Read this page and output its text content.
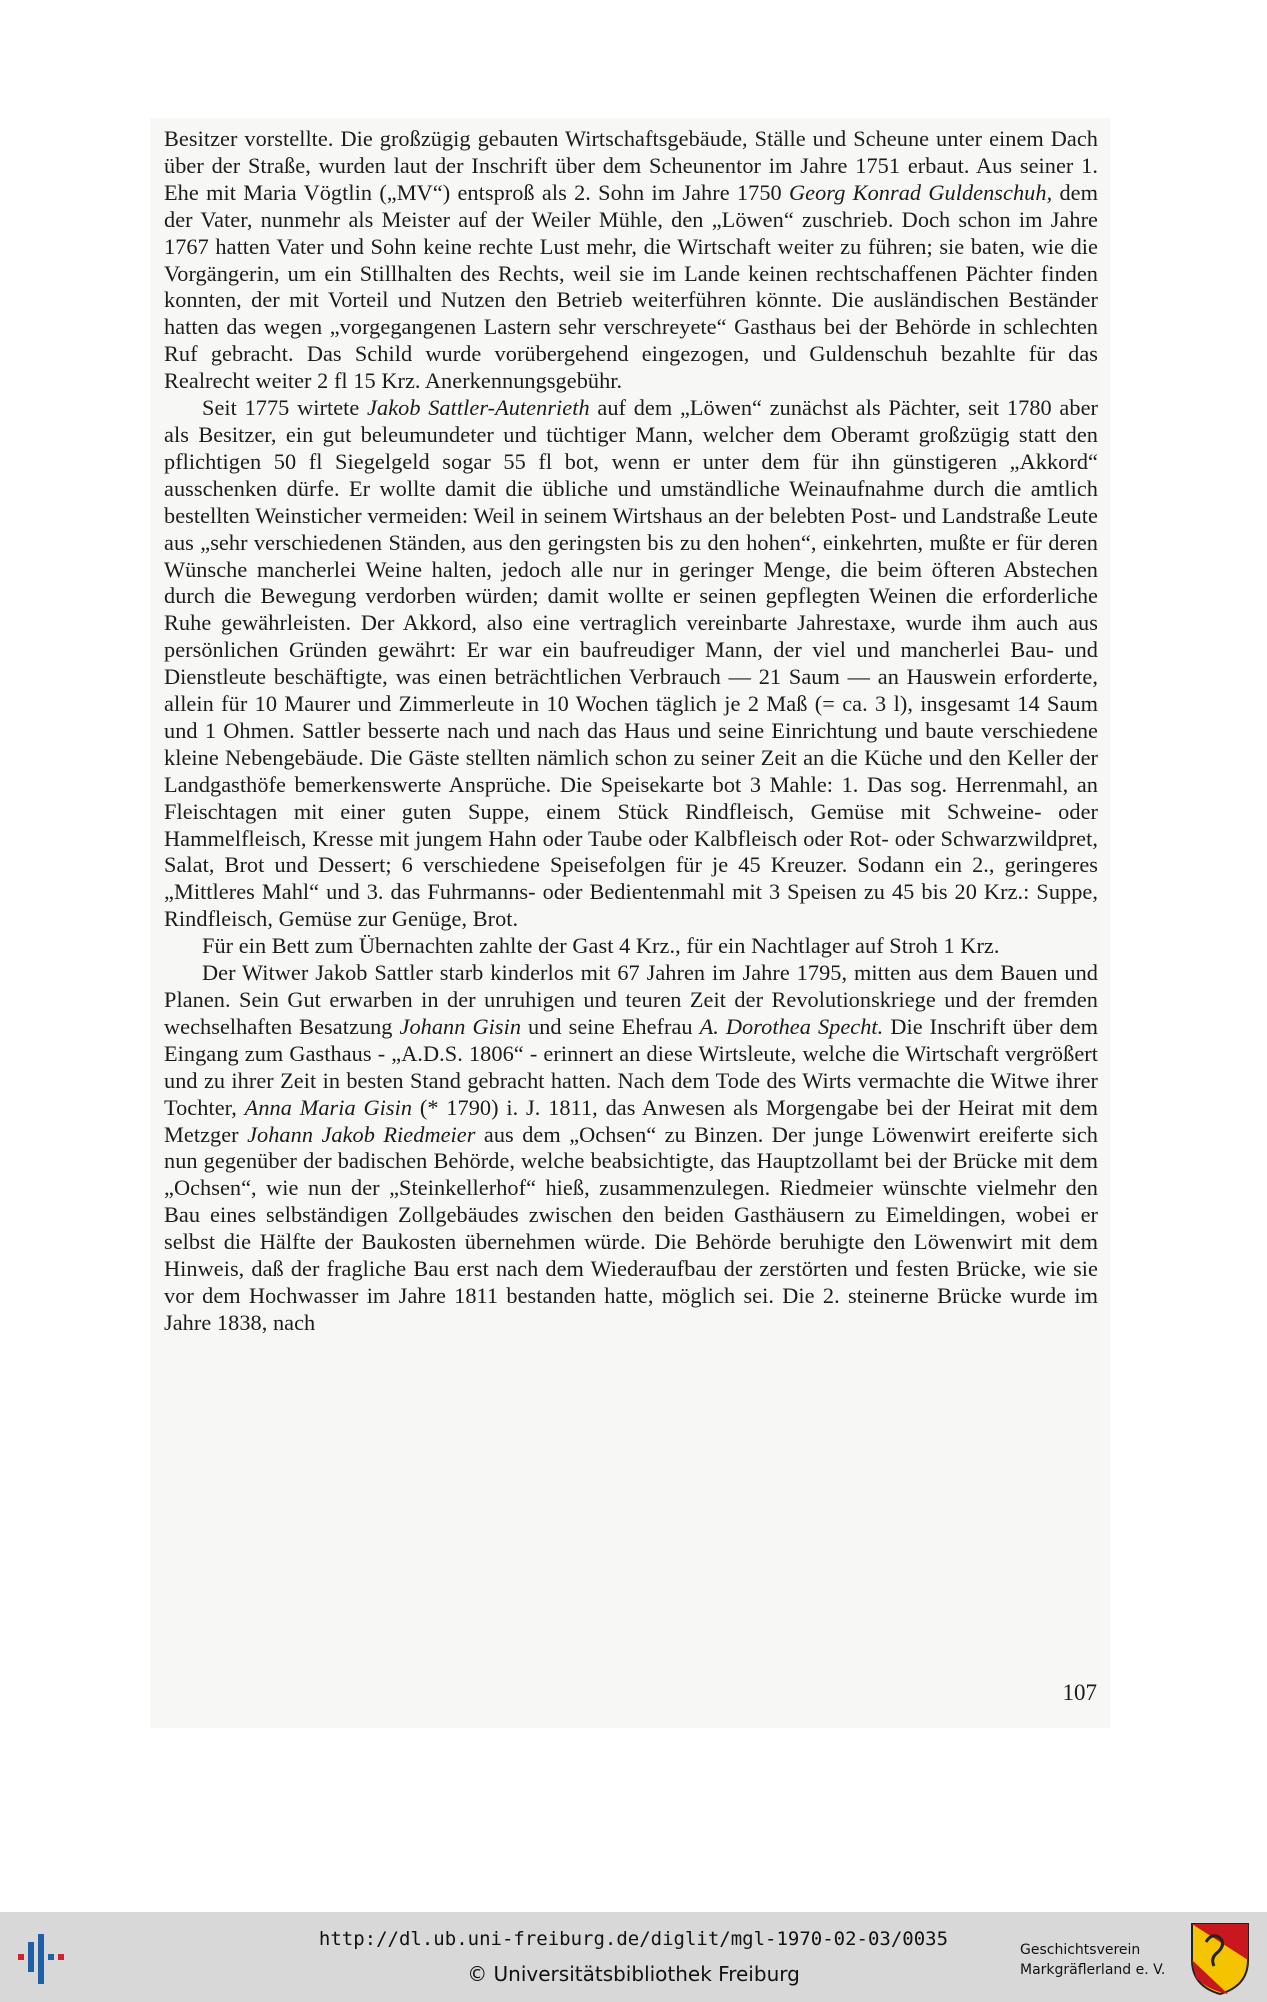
Besitzer vorstellte. Die großzügig gebauten Wirtschaftsgebäude, Ställe und Scheune unter einem Dach über der Straße, wurden laut der Inschrift über dem Scheunentor im Jahre 1751 erbaut. Aus seiner 1. Ehe mit Maria Vögtlin („MV“) entsproß als 2. Sohn im Jahre 1750 Georg Konrad Guldenschuh, dem der Vater, nunmehr als Meister auf der Weiler Mühle, den „Löwen“ zuschrieb. Doch schon im Jahre 1767 hatten Vater und Sohn keine rechte Lust mehr, die Wirtschaft weiter zu führen; sie baten, wie die Vorgängerin, um ein Stillhalten des Rechts, weil sie im Lande keinen rechtschaffenen Pächter finden konnten, der mit Vorteil und Nutzen den Betrieb weiterführen könnte. Die ausländischen Beständer hatten das wegen „vorgegangenen Lastern sehr verschreyete“ Gasthaus bei der Behörde in schlechten Ruf gebracht. Das Schild wurde vorübergehend eingezogen, und Guldenschuh bezahlte für das Realrecht weiter 2 fl 15 Krz. Anerkennungsgebühr.

Seit 1775 wirtete Jakob Sattler-Autenrieth auf dem „Löwen“ zunächst als Pächter, seit 1780 aber als Besitzer, ein gut beleumundeter und tüchtiger Mann, welcher dem Oberamt großzügig statt den pflichtigen 50 fl Siegelgeld sogar 55 fl bot, wenn er unter dem für ihn günstigeren „Akkord“ ausschenken dürfe. Er wollte damit die übliche und umständliche Weinaufnahme durch die amtlich bestellten Weinsticher vermeiden: Weil in seinem Wirtshaus an der belebten Post- und Landstraße Leute aus „sehr verschiedenen Ständen, aus den geringsten bis zu den hohen“, einkehrten, mußte er für deren Wünsche mancherlei Weine halten, jedoch alle nur in geringer Menge, die beim öfteren Abstechen durch die Bewegung verdorben würden; damit wollte er seinen gepflegten Weinen die erforderliche Ruhe gewährleisten. Der Akkord, also eine vertraglich vereinbarte Jahrestaxe, wurde ihm auch aus persönlichen Gründen gewährt: Er war ein baufreudiger Mann, der viel und mancherlei Bau- und Dienstleute beschäftigte, was einen beträchtlichen Verbrauch — 21 Saum — an Hauswein erforderte, allein für 10 Maurer und Zimmerleute in 10 Wochen täglich je 2 Maß (= ca. 3 l), insgesamt 14 Saum und 1 Ohmen. Sattler besserte nach und nach das Haus und seine Einrichtung und baute verschiedene kleine Nebengebäude. Die Gäste stellten nämlich schon zu seiner Zeit an die Küche und den Keller der Landgasthöfe bemerkenswerte Ansprüche. Die Speisekarte bot 3 Mahle: 1. Das sog. Herrenmahl, an Fleischtagen mit einer guten Suppe, einem Stück Rindfleisch, Gemüse mit Schweine- oder Hammelfleisch, Kresse mit jungem Hahn oder Taube oder Kalbfleisch oder Rot- oder Schwarzwildpret, Salat, Brot und Dessert; 6 verschiedene Speisefolgen für je 45 Kreuzer. Sodann ein 2., geringeres „Mittleres Mahl“ und 3. das Fuhrmanns- oder Bedientenmahl mit 3 Speisen zu 45 bis 20 Krz.: Suppe, Rindfleisch, Gemüse zur Genüge, Brot.

Für ein Bett zum Übernachten zahlte der Gast 4 Krz., für ein Nachtlager auf Stroh 1 Krz.

Der Witwer Jakob Sattler starb kinderlos mit 67 Jahren im Jahre 1795, mitten aus dem Bauen und Planen. Sein Gut erwarben in der unruhigen und teuren Zeit der Revolutionskriege und der fremden wechselhaften Besatzung Johann Gisin und seine Ehefrau A. Dorothea Specht. Die Inschrift über dem Eingang zum Gasthaus - „A.D.S. 1806“ - erinnert an diese Wirtsleute, welche die Wirtschaft vergrößert und zu ihrer Zeit in besten Stand gebracht hatten. Nach dem Tode des Wirts vermachte die Witwe ihrer Tochter, Anna Maria Gisin (* 1790) i. J. 1811, das Anwesen als Morgengabe bei der Heirat mit dem Metzger Johann Jakob Riedmeier aus dem „Ochsen“ zu Binzen. Der junge Löwenwirt ereiferte sich nun gegenüber der badischen Behörde, welche beabsichtigte, das Hauptzollamt bei der Brücke mit dem „Ochsen“, wie nun der „Steinkellerhof“ hieß, zusammenzulegen. Riedmeier wünschte vielmehr den Bau eines selbständigen Zollgebäudes zwischen den beiden Gasthäusern zu Eimeldingen, wobei er selbst die Hälfte der Baukosten übernehmen würde. Die Behörde beruhigte den Löwenwirt mit dem Hinweis, daß der fragliche Bau erst nach dem Wiederaufbau der zerstörten und festen Brücke, wie sie vor dem Hochwasser im Jahre 1811 bestanden hatte, möglich sei. Die 2. steinerne Brücke wurde im Jahre 1838, nach

107
http://dl.ub.uni-freiburg.de/diglit/mgl-1970-02-03/0035
© Universitätsbibliothek Freiburg
Geschichtsverein
Markgräflerland e. V.
